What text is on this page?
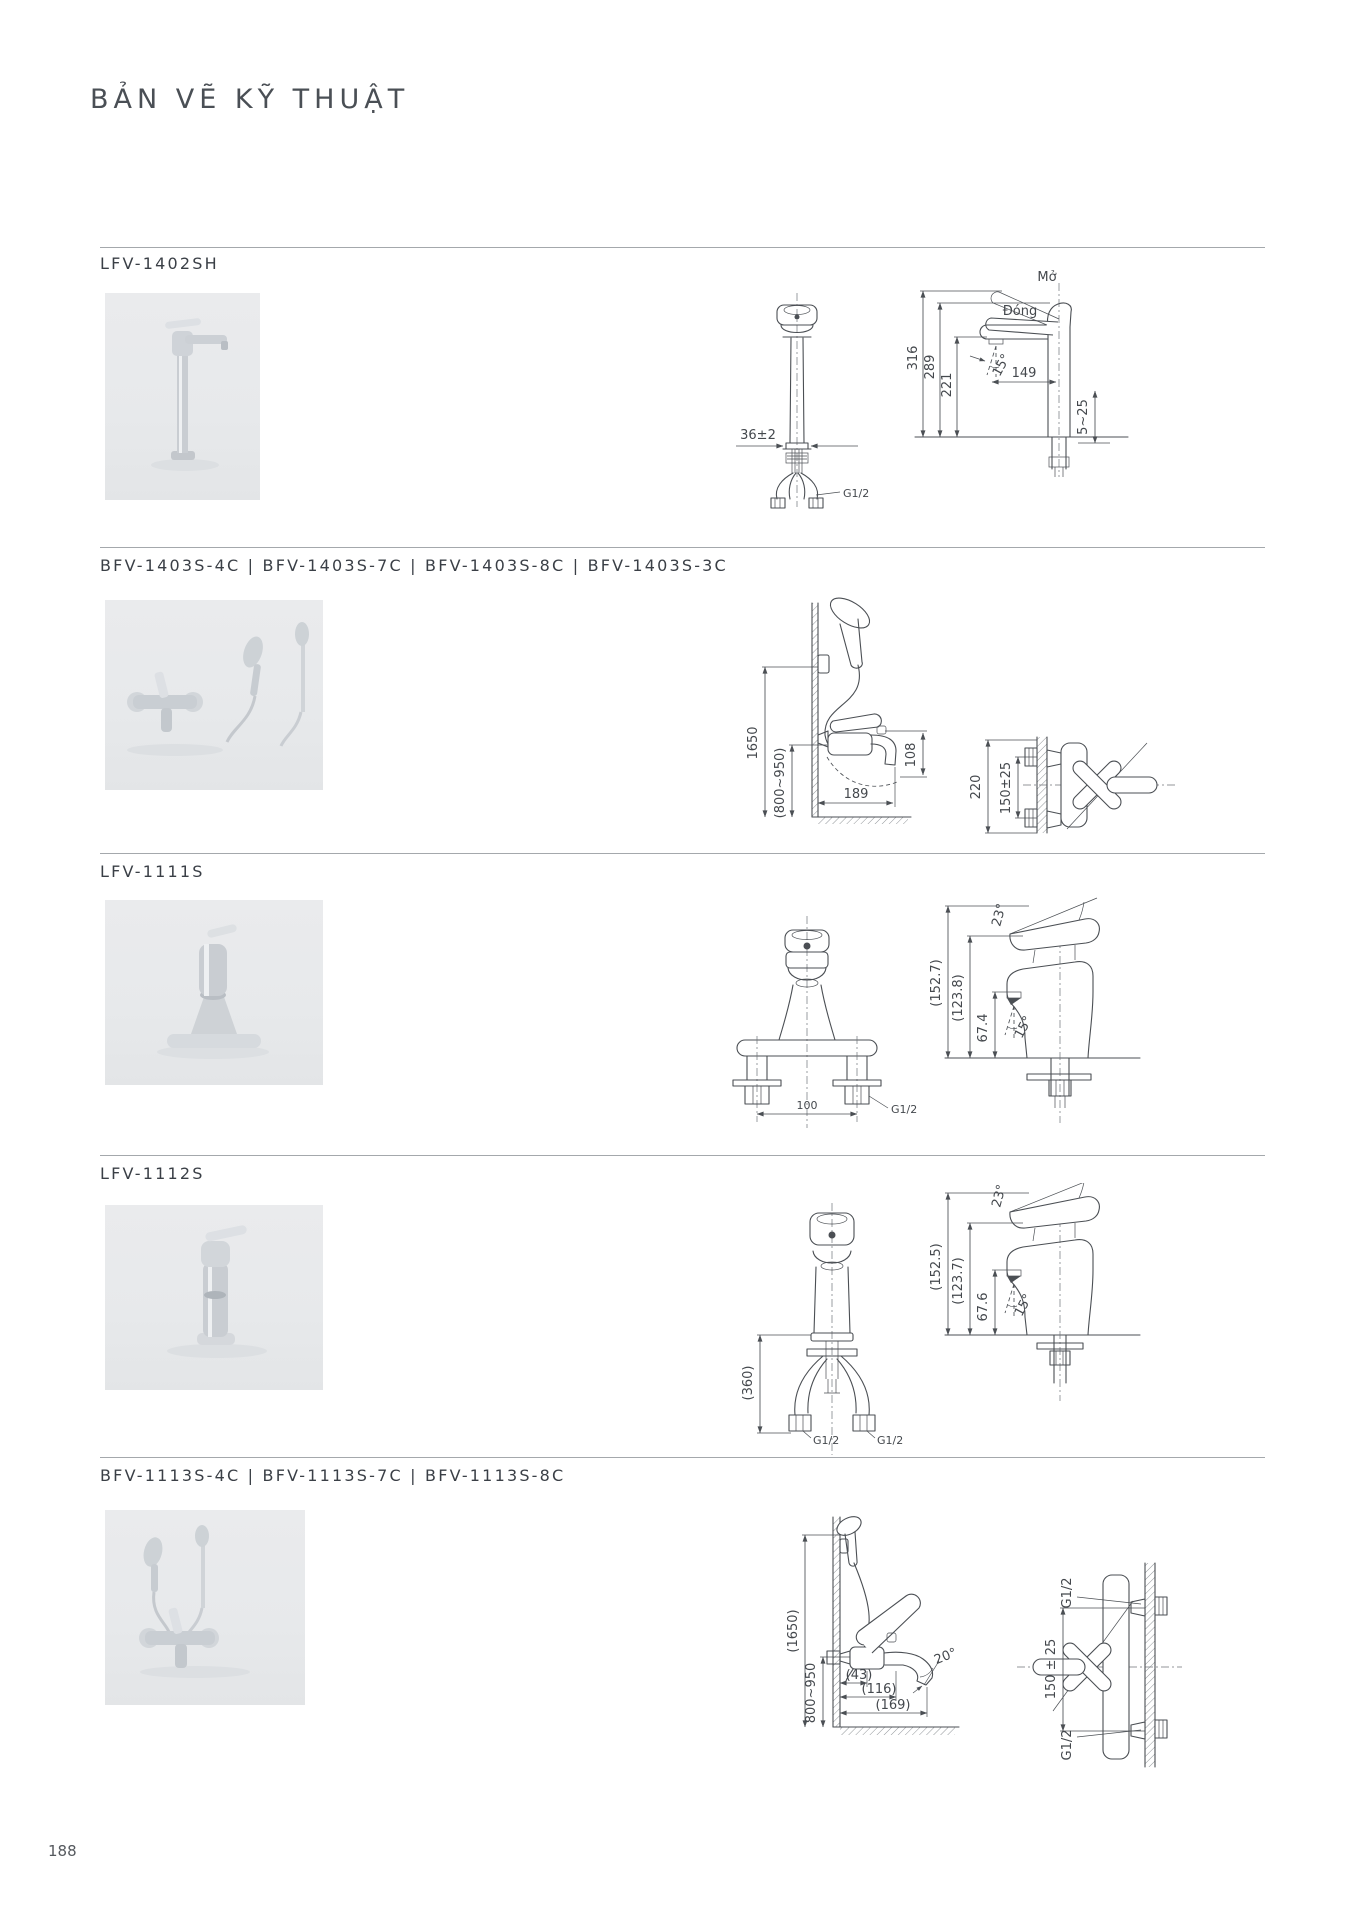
BẢN VẼ KỸ THUẬT
LFV-1402SH
36±2
G1/2
Mở
Đóng
15°
149
316 289
221
5~25
BFV-1403S-4C | BFV-1403S-7C | BFV-1403S-8C | BFV-1403S-3C
1650
(800~950)	189
108
220 150±25
LFV-1111S
100	G1/2
23°
15°
(152.7) (123.8)
67.4
LFV-1112S
G1/2	G1/2
(360)
23°
15°
(152.5) (123.7)
67.6
BFV-1113S-4C | BFV-1113S-7C | BFV-1113S-8C
(1650)
800~950 (43)
(116)
(169)
20°	150 ± 25
G1/2
G1/2
188
